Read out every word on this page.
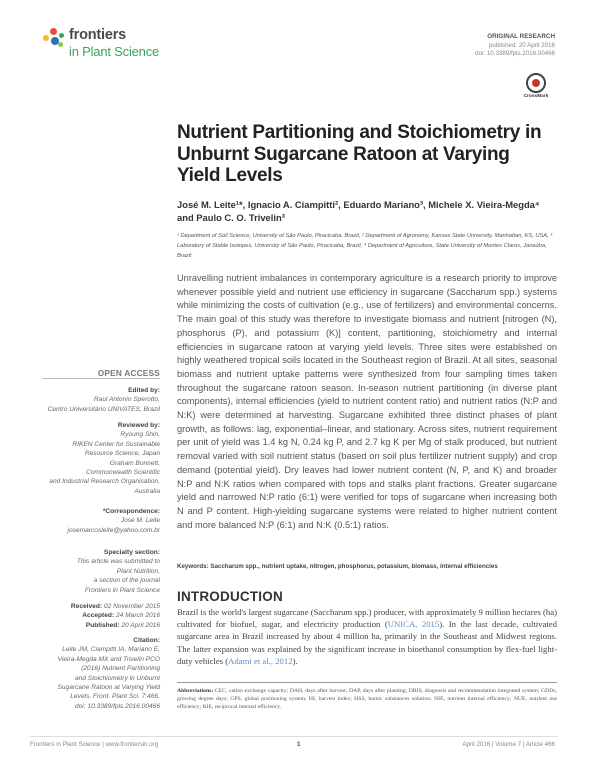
frontiers
in Plant Science
ORIGINAL RESEARCH
published: 20 April 2016
doi: 10.3389/fpls.2016.00466
CrossMark
Nutrient Partitioning and Stoichiometry in Unburnt Sugarcane Ratoon at Varying Yield Levels
José M. Leite¹*, Ignacio A. Ciampitti², Eduardo Mariano³, Michele X. Vieira-Megda⁴ and Paulo C. O. Trivelin³
¹ Department of Soil Science, University of São Paulo, Piracicaba, Brazil, ² Department of Agronomy, Kansas State University, Manhattan, KS, USA, ³ Laboratory of Stable Isotopes, University of São Paulo, Piracicaba, Brazil, ⁴ Department of Agriculture, State University of Montes Claros, Janaúba, Brazil
Unravelling nutrient imbalances in contemporary agriculture is a research priority to improve whenever possible yield and nutrient use efficiency in sugarcane (Saccharum spp.) systems while minimizing the costs of cultivation (e.g., use of fertilizers) and environmental concerns. The main goal of this study was therefore to investigate biomass and nutrient [nitrogen (N), phosphorus (P), and potassium (K)] content, partitioning, stoichiometry and internal efficiencies in sugarcane ratoon at varying yield levels. Three sites were established on highly weathered tropical soils located in the Southeast region of Brazil. At all sites, seasonal biomass and nutrient uptake patterns were synthesized from four sampling times taken throughout the sugarcane ratoon season. In-season nutrient partitioning (in diverse plant components), internal efficiencies (yield to nutrient content ratio) and nutrient ratios (N:P and N:K) were determined at harvesting. Sugarcane exhibited three distinct phases of plant growth, as follows: lag, exponential–linear, and stationary. Across sites, nutrient requirement per unit of yield was 1.4 kg N, 0.24 kg P, and 2.7 kg K per Mg of stalk produced, but nutrient removal varied with soil nutrient status (based on soil plus fertilizer nutrient supply) and crop demand (potential yield). Dry leaves had lower nutrient content (N, P, and K) and broader N:P and N:K ratios when compared with tops and stalks plant fractions. Greater sugarcane yield and narrowed N:P ratio (6:1) were verified for tops of sugarcane when increasing both N and P content. High-yielding sugarcane systems were related to higher nutrient content and more balanced N:P (6:1) and N:K (0.5:1) ratios.
Keywords: Saccharum spp., nutrient uptake, nitrogen, phosphorus, potassium, biomass, internal efficiencies
OPEN ACCESS
Edited by:
Raul Antonio Sperotto,
Centro Universitário UNIVATES, Brazil
Reviewed by:
Ryoung Shin,
RIKEN Center for Sustainable
Resource Science, Japan
Graham Bonnett,
Commonwealth Scientific
and Industrial Research Organisation,
Australia
*Correspondence:
José M. Leite
josemarcosleite@yahoo.com.br
Specialty section:
This article was submitted to
Plant Nutrition,
a section of the journal
Frontiers in Plant Science
Received: 02 November 2015
Accepted: 24 March 2016
Published: 20 April 2016
Citation:
Leite JM, Ciampitti IA, Mariano E,
Vieira-Megda MX and Trivelin PCO
(2016) Nutrient Partitioning
and Stoichiometry in Unburnt
Sugarcane Ratoon at Varying Yield
Levels. Front. Plant Sci. 7:466.
doi: 10.3389/fpls.2016.00466
INTRODUCTION
Brazil is the world's largest sugarcane (Saccharum spp.) producer, with approximately 9 million hectares (ha) cultivated for biofuel, sugar, and electricity production (UNICA, 2015). In the last decade, cultivated sugarcane area in Brazil increased by about 4 million ha, primarily in the Southeast and Midwest regions. The latter expansion was explained by the significant increase in bioethanol consumption by flex-fuel light-duty vehicles (Adami et al., 2012).
Abbreviations: CEC, cation exchange capacity; DAH, days after harvest; DAP, days after planting; DRIS, diagnosis and recommendation integrated system; GDDs, growing degree days; GPS, global positioning system; HI, harvest index; HSS, humic substances solution; NIE, nutrient internal efficiency; NUE, nutrient use efficiency; RIE, reciprocal internal efficiency.
Frontiers in Plant Science | www.frontiersin.org	1	April 2016 | Volume 7 | Article 466
